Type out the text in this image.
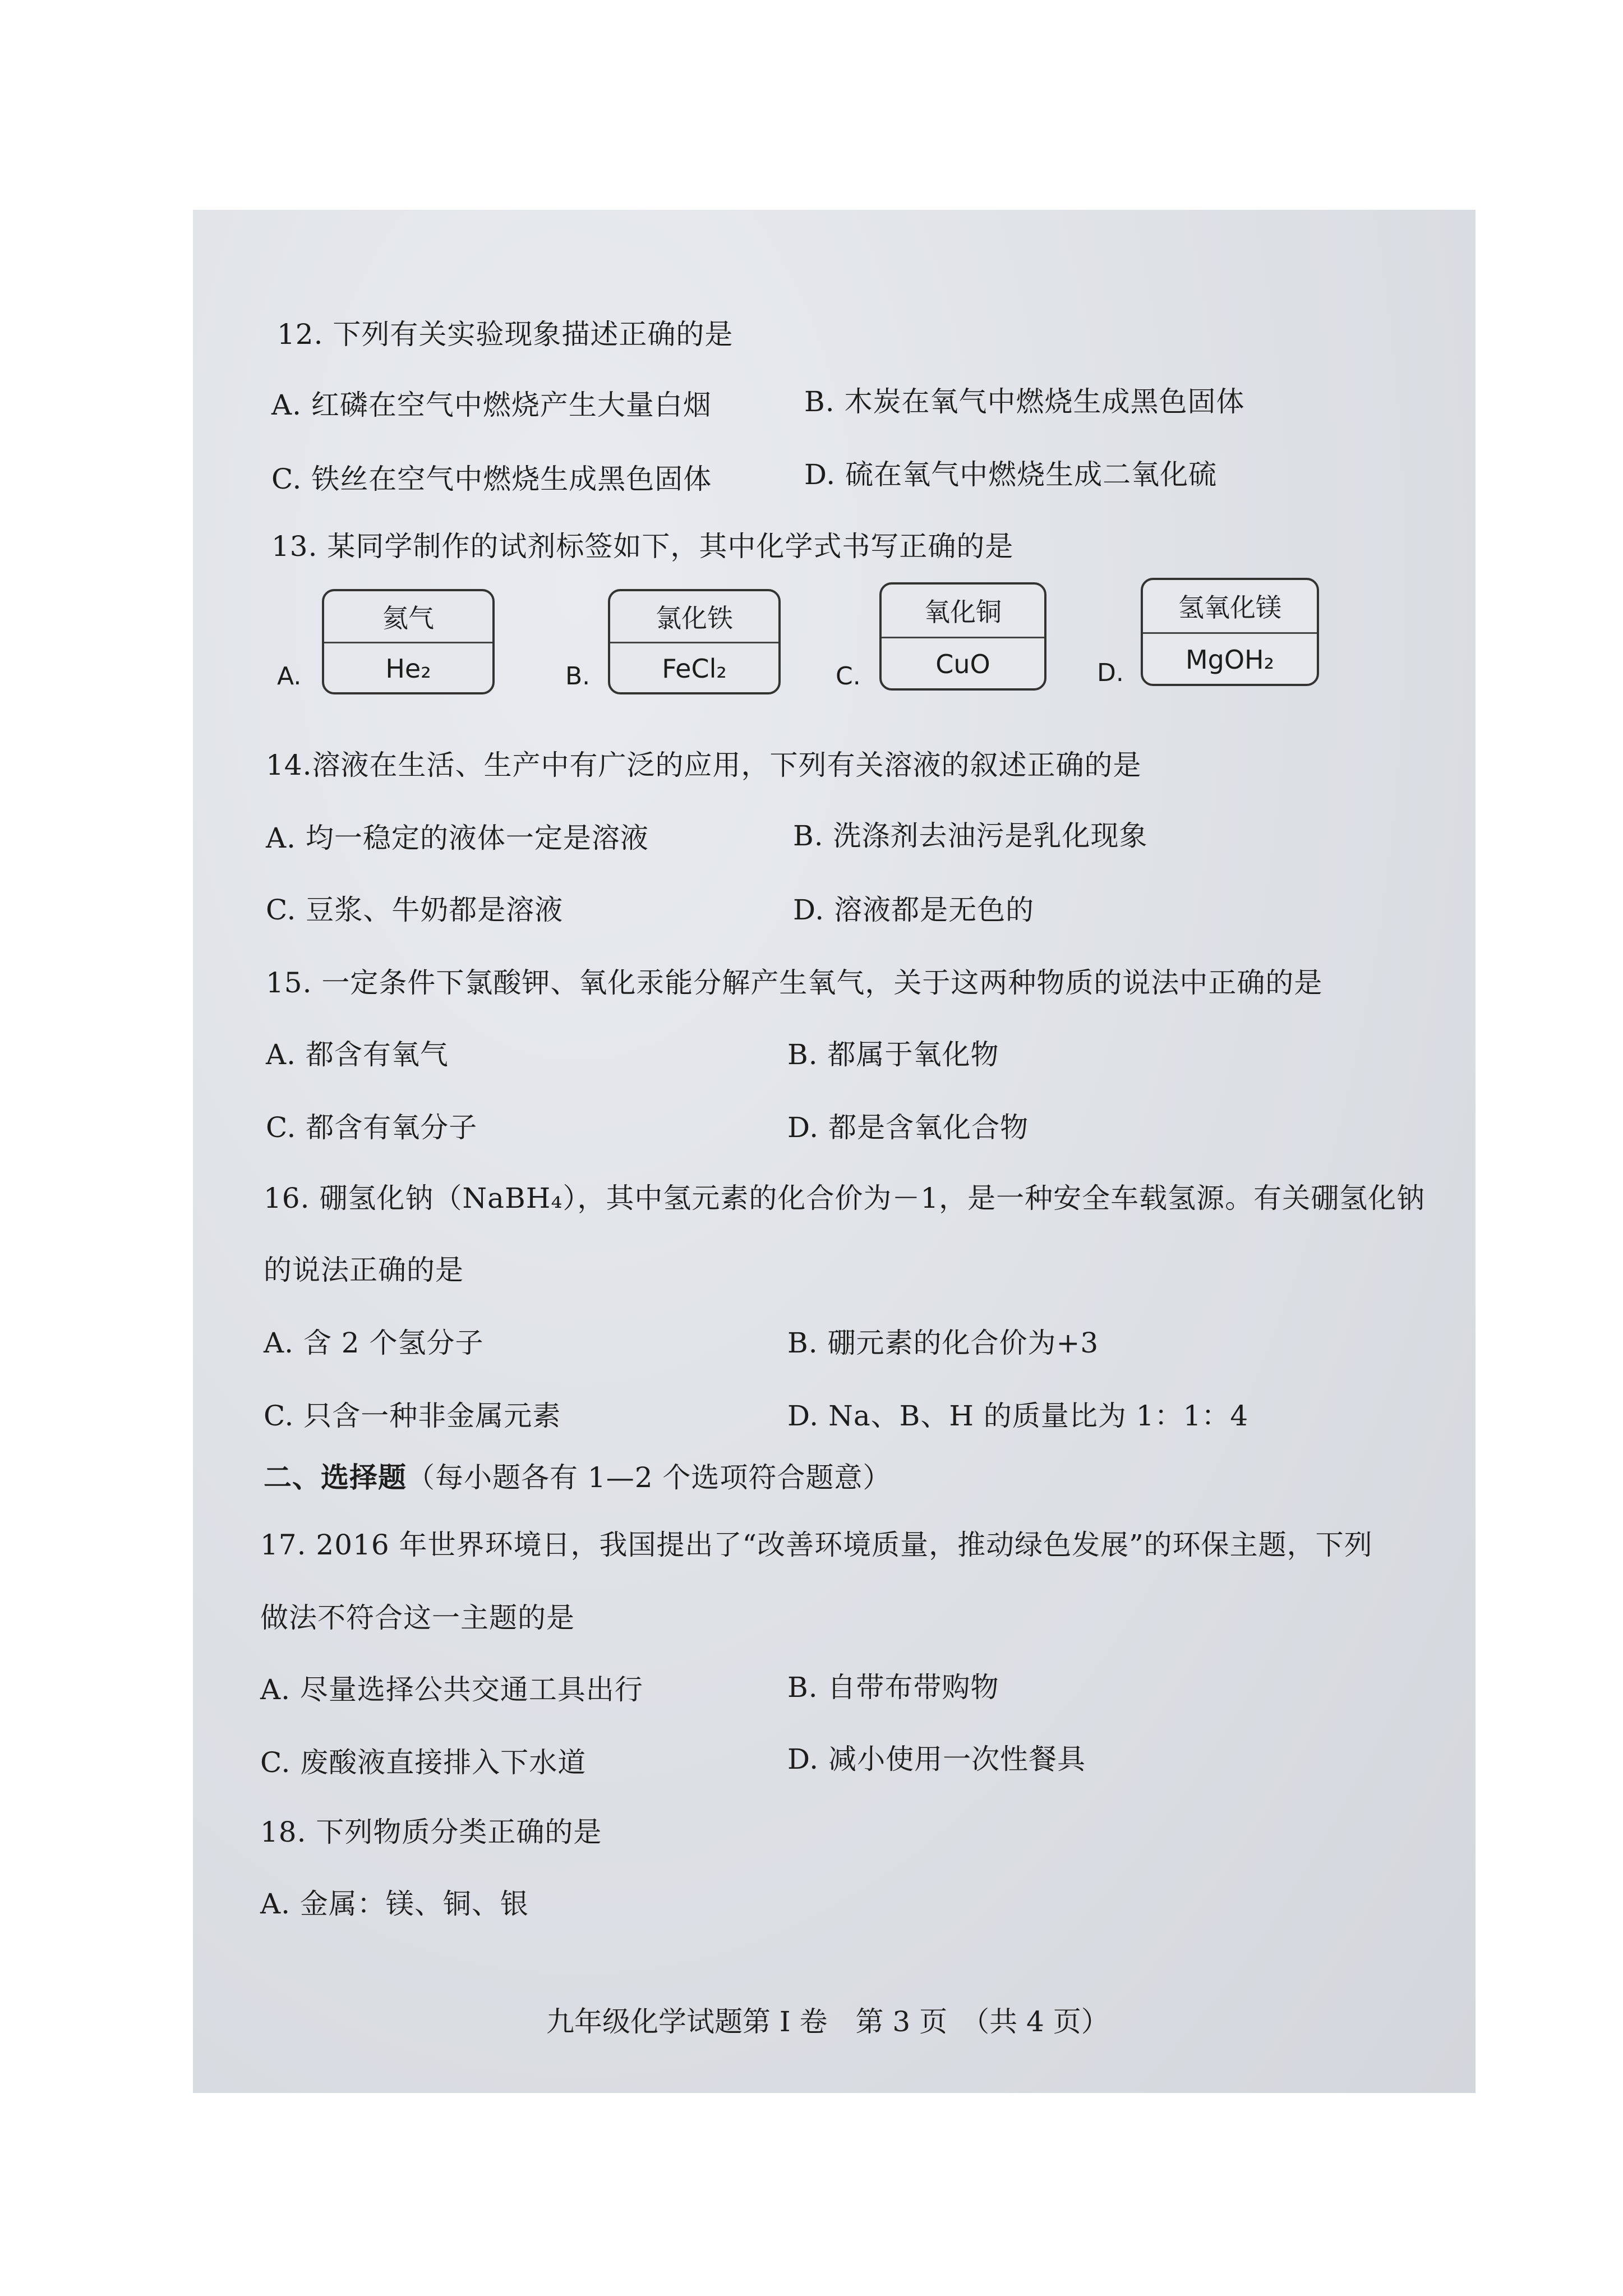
12. 下列有关实验现象描述正确的是
A. 红磷在空气中燃烧产生大量白烟	B. 木炭在氧气中燃烧生成黑色固体
C. 铁丝在空气中燃烧生成黑色固体	D. 硫在氧气中燃烧生成二氧化硫
13. 某同学制作的试剂标签如下，其中化学式书写正确的是
A.
氦气
He₂	B.
氯化铁
FeCl₂	C.
氧化铜
CuO	D.
氢氧化镁
MgOH₂
14.溶液在生活、生产中有广泛的应用，下列有关溶液的叙述正确的是
A. 均一稳定的液体一定是溶液	B. 洗涤剂去油污是乳化现象
C. 豆浆、牛奶都是溶液	D. 溶液都是无色的
15. 一定条件下氯酸钾、氧化汞能分解产生氧气，关于这两种物质的说法中正确的是
A. 都含有氧气	B. 都属于氧化物
C. 都含有氧分子	D. 都是含氧化合物
16. 硼氢化钠（NaBH₄），其中氢元素的化合价为－1，是一种安全车载氢源。有关硼氢化钠
的说法正确的是
A. 含 2 个氢分子	B. 硼元素的化合价为+3
C. 只含一种非金属元素	D. Na、B、H 的质量比为 1：1：4
二、选择题（每小题各有 1—2 个选项符合题意）
17. 2016 年世界环境日，我国提出了“改善环境质量，推动绿色发展”的环保主题，下列
做法不符合这一主题的是
A. 尽量选择公共交通工具出行	B. 自带布带购物
C. 废酸液直接排入下水道	D. 减小使用一次性餐具
18. 下列物质分类正确的是
A. 金属：镁、铜、银
九年级化学试题第 I 卷　第 3 页　（共 4 页）
